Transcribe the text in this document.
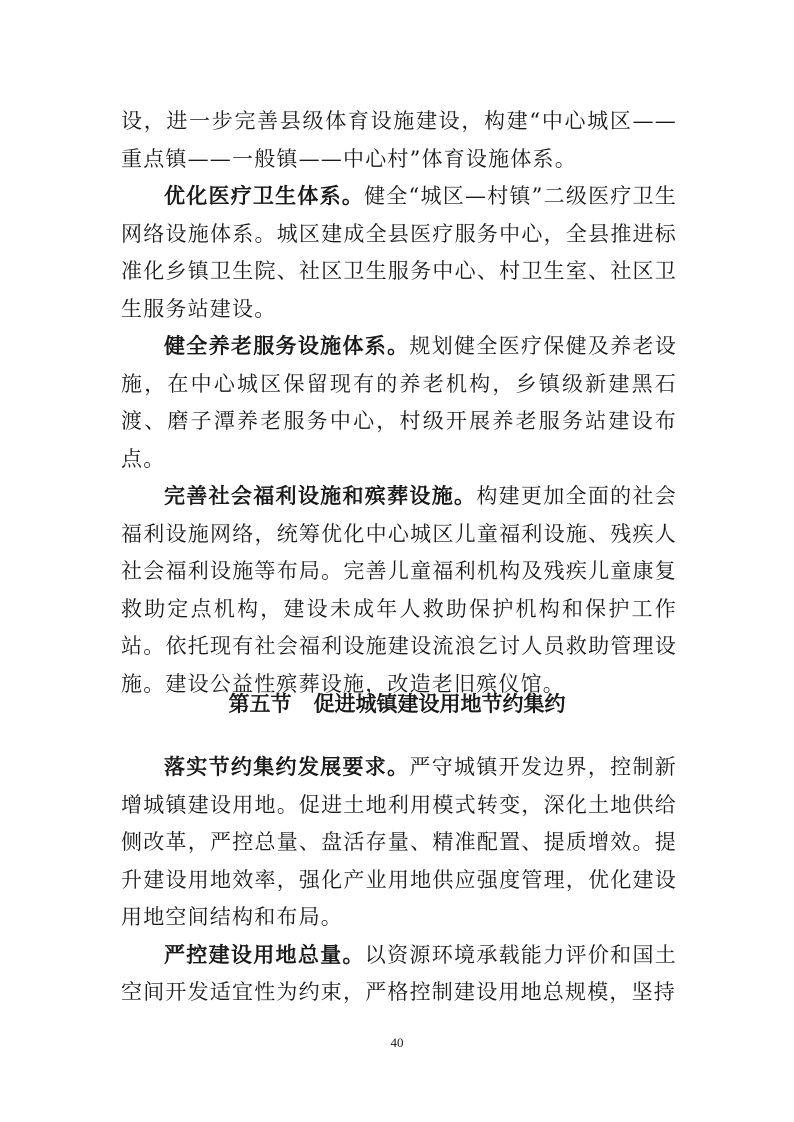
设，进一步完善县级体育设施建设，构建“中心城区——重点镇——一般镇——中心村”体育设施体系。

优化医疗卫生体系。健全“城区—村镇”二级医疗卫生网络设施体系。城区建成全县医疗服务中心，全县推进标准化乡镇卫生院、社区卫生服务中心、村卫生室、社区卫生服务站建设。

健全养老服务设施体系。规划健全医疗保健及养老设施，在中心城区保留现有的养老机构，乡镇级新建黑石渡、磨子潭养老服务中心，村级开展养老服务站建设布点。

完善社会福利设施和殡葬设施。构建更加全面的社会福利设施网络，统筹优化中心城区儿童福利设施、残疾人社会福利设施等布局。完善儿童福利机构及残疾儿童康复救助定点机构，建设未成年人救助保护机构和保护工作站。依托现有社会福利设施建设流浪乞讨人员救助管理设施。建设公益性殡葬设施，改造老旧殡仪馆。

第五节 促进城镇建设用地节约集约

落实节约集约发展要求。严守城镇开发边界，控制新增城镇建设用地。促进土地利用模式转变，深化土地供给侧改革，严控总量、盘活存量、精准配置、提质增效。提升建设用地效率，强化产业用地供应强度管理，优化建设用地空间结构和布局。

严控建设用地总量。以资源环境承载能力评价和国土空间开发适宜性为约束，严格控制建设用地总规模，坚持

40
